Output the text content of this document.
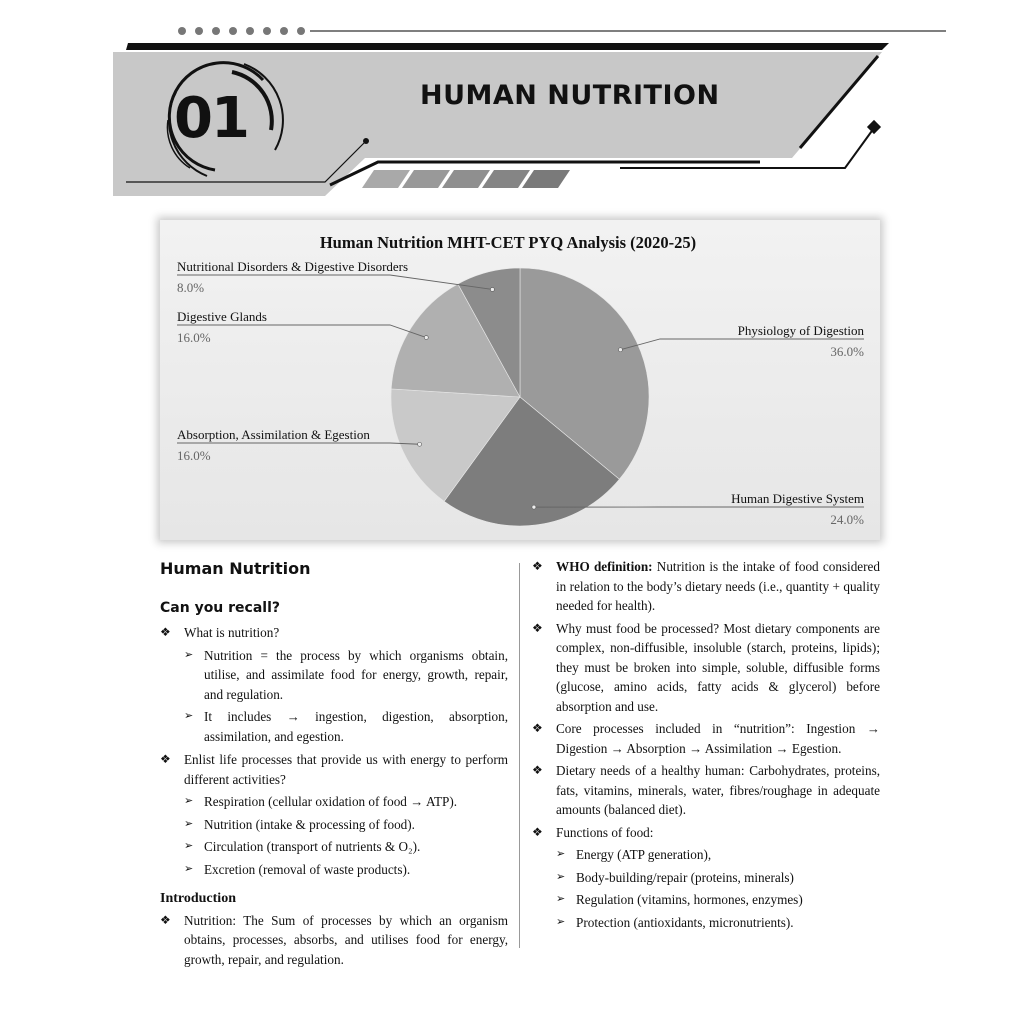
01	HUMAN NUTRITION
Human Nutrition MHT-CET PYQ Analysis (2020-25)
Physiology of Digestion
36.0%
Human Digestive System
24.0%
Absorption, Assimilation & Egestion
16.0%
Digestive Glands
16.0%
Nutritional Disorders & Digestive Disorders
8.0%
Human Nutrition
Can you recall?
❖ What is nutrition?
➢ Nutrition = the process by which organisms obtain, utilise, and assimilate food for energy, growth, repair, and regulation.
➢ It includes → ingestion, digestion, absorption, assimilation, and egestion.
❖ Enlist life processes that provide us with energy to perform different activities?
➢ Respiration (cellular oxidation of food → ATP).
➢ Nutrition (intake & processing of food).
➢ Circulation (transport of nutrients & O₂).
➢ Excretion (removal of waste products).
Introduction
❖ Nutrition: The Sum of processes by which an organism obtains, processes, absorbs, and utilises food for energy, growth, repair, and regulation.
❖ WHO definition: Nutrition is the intake of food considered in relation to the body’s dietary needs (i.e., quantity + quality needed for health).
❖ Why must food be processed? Most dietary components are complex, non-diffusible, insoluble (starch, proteins, lipids); they must be broken into simple, soluble, diffusible forms (glucose, amino acids, fatty acids & glycerol) before absorption and use.
❖ Core processes included in “nutrition”: Ingestion → Digestion → Absorption → Assimilation → Egestion.
❖ Dietary needs of a healthy human: Carbohydrates, proteins, fats, vitamins, minerals, water, fibres/roughage in adequate amounts (balanced diet).
❖ Functions of food:
➢ Energy (ATP generation),
➢ Body-building/repair (proteins, minerals)
➢ Regulation (vitamins, hormones, enzymes)
➢ Protection (antioxidants, micronutrients).
